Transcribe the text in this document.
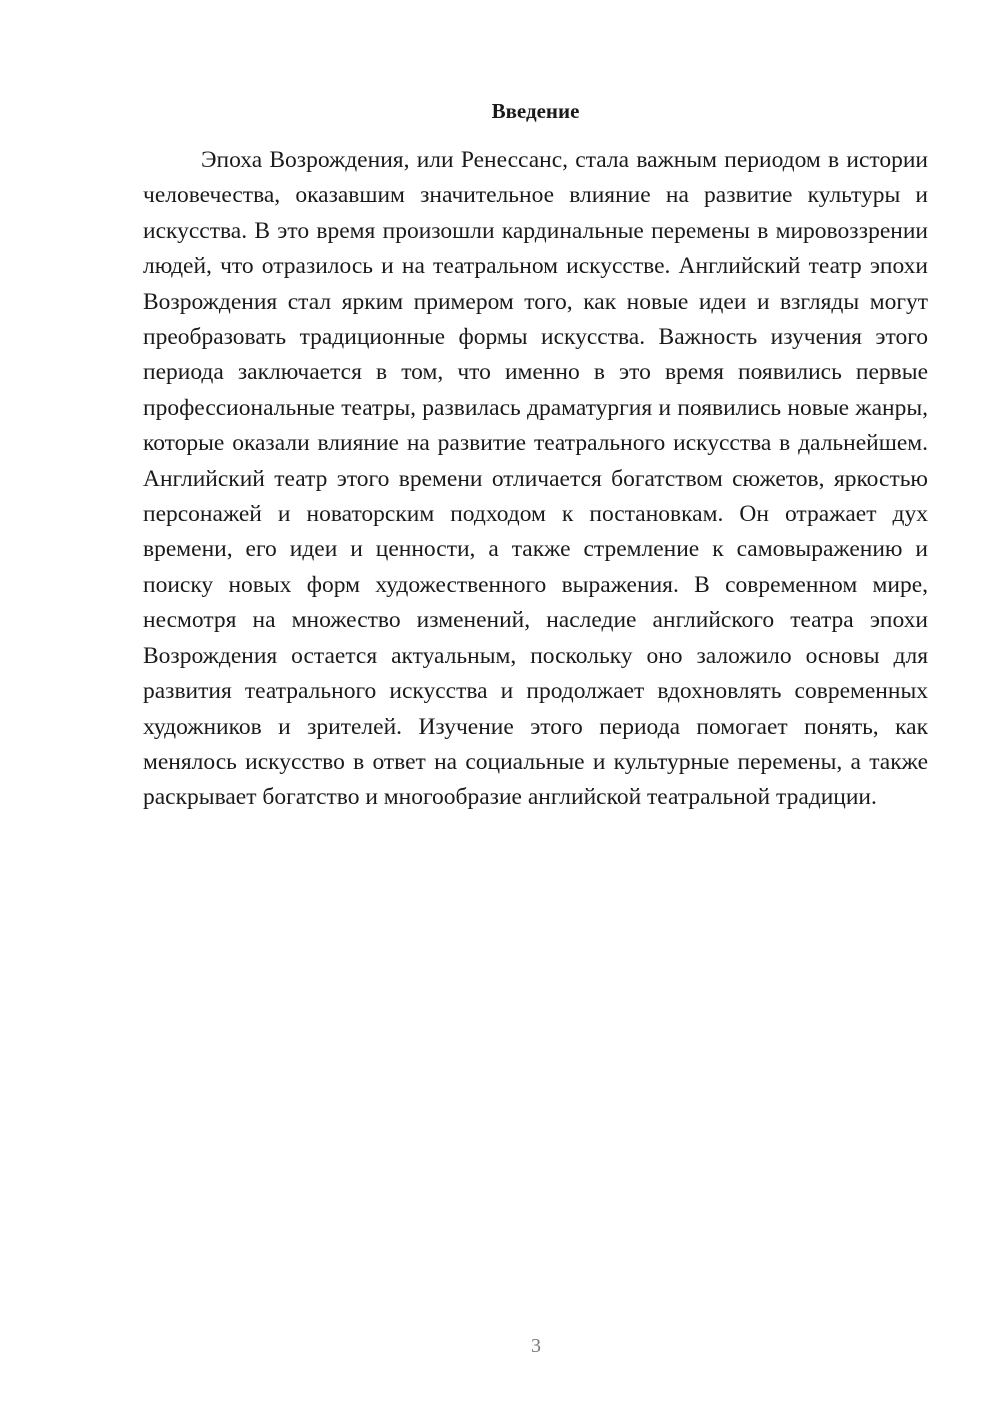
Введение

Эпоха Возрождения, или Ренессанс, стала важным периодом в истории человечества, оказавшим значительное влияние на развитие культуры и искусства. В это время произошли кардинальные перемены в мировоззрении людей, что отразилось и на театральном искусстве. Английский театр эпохи Возрождения стал ярким примером того, как новые идеи и взгляды могут преобразовать традиционные формы искусства. Важность изучения этого периода заключается в том, что именно в это время появились первые профессиональные театры, развилась драматургия и появились новые жанры, которые оказали влияние на развитие театрального искусства в дальнейшем. Английский театр этого времени отличается богатством сюжетов, яркостью персонажей и новаторским подходом к постановкам. Он отражает дух времени, его идеи и ценности, а также стремление к самовыражению и поиску новых форм художественного выражения. В современном мире, несмотря на множество изменений, наследие английского театра эпохи Возрождения остается актуальным, поскольку оно заложило основы для развития театрального искусства и продолжает вдохновлять современных художников и зрителей. Изучение этого периода помогает понять, как менялось искусство в ответ на социальные и культурные перемены, а также раскрывает богатство и многообразие английской театральной традиции.

3
